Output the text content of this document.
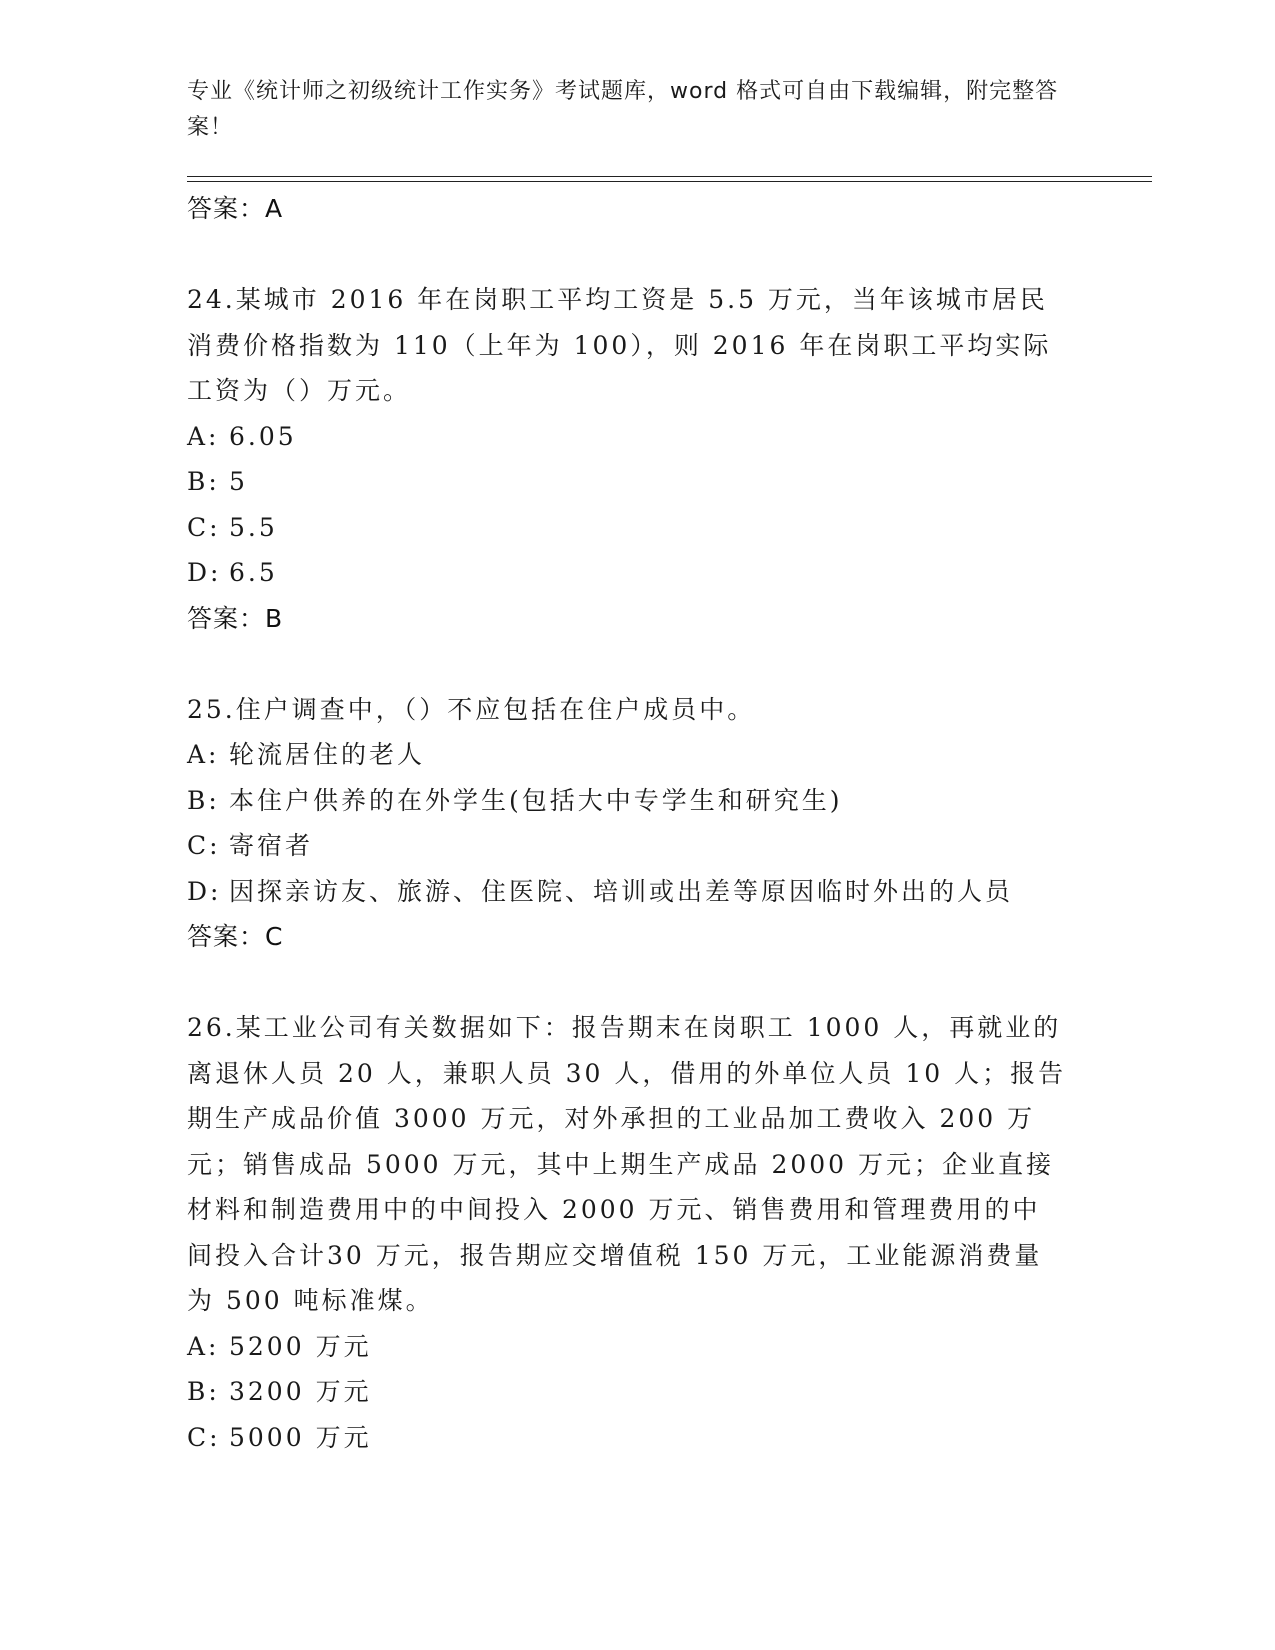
专业《统计师之初级统计工作实务》考试题库，word 格式可自由下载编辑，附完整答案！
答案：A

24.某城市 2016 年在岗职工平均工资是 5.5 万元，当年该城市居民消费价格指数为 110（上年为 100），则 2016 年在岗职工平均实际工资为（）万元。

A: 6.05
B: 5
C: 5.5
D: 6.5
答案：B

25.住户调查中，（）不应包括在住户成员中。

A: 轮流居住的老人
B: 本住户供养的在外学生(包括大中专学生和研究生)
C: 寄宿者
D: 因探亲访友、旅游、住医院、培训或出差等原因临时外出的人员
答案：C

26.某工业公司有关数据如下：报告期末在岗职工 1000 人，再就业的离退休人员 20 人，兼职人员 30 人，借用的外单位人员 10 人；报告期生产成品价值 3000 万元，对外承担的工业品加工费收入 200 万元；销售成品 5000 万元，其中上期生产成品 2000 万元；企业直接材料和制造费用中的中间投入 2000 万元、销售费用和管理费用的中间投入合计30 万元，报告期应交增值税 150 万元，工业能源消费量为 500 吨标准煤。

A: 5200 万元
B: 3200 万元
C: 5000 万元
